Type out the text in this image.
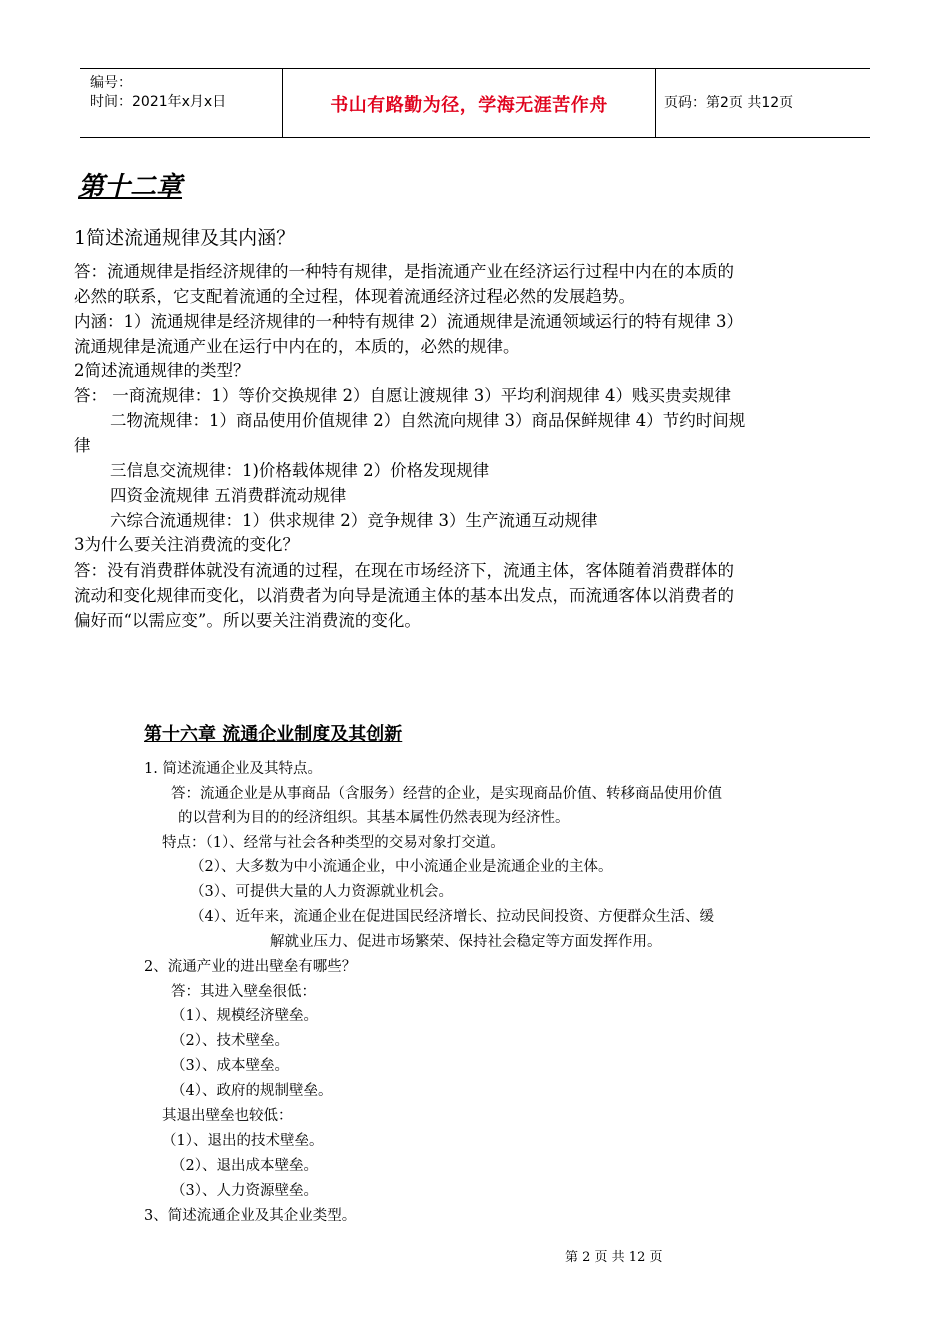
编号：
时间：2021年x月x日	书山有路勤为径，学海无涯苦作舟	页码：第2页 共12页
第十二章
1简述流通规律及其内涵？
答：流通规律是指经济规律的一种特有规律，是指流通产业在经济运行过程中内在的本质的
必然的联系，它支配着流通的全过程，体现着流通经济过程必然的发展趋势。
内涵：1）流通规律是经济规律的一种特有规律 2）流通规律是流通领域运行的特有规律 3）
流通规律是流通产业在运行中内在的，本质的，必然的规律。
2简述流通规律的类型？
答： 一商流规律：1）等价交换规律 2）自愿让渡规律 3）平均利润规律 4）贱买贵卖规律
二物流规律：1）商品使用价值规律 2）自然流向规律 3）商品保鲜规律 4）节约时间规
律
三信息交流规律：1)价格载体规律 2）价格发现规律
四资金流规律 五消费群流动规律
六综合流通规律：1）供求规律 2）竞争规律 3）生产流通互动规律
3为什么要关注消费流的变化？
答：没有消费群体就没有流通的过程，在现在市场经济下，流通主体，客体随着消费群体的
流动和变化规律而变化，以消费者为向导是流通主体的基本出发点，而流通客体以消费者的
偏好而“以需应变”。所以要关注消费流的变化。
第十六章 流通企业制度及其创新
1. 简述流通企业及其特点。
答：流通企业是从事商品（含服务）经营的企业，是实现商品价值、转移商品使用价值
的以营利为目的的经济组织。其基本属性仍然表现为经济性。
特点：（1）、经常与社会各种类型的交易对象打交道。
（2）、大多数为中小流通企业，中小流通企业是流通企业的主体。
（3）、可提供大量的人力资源就业机会。
（4）、近年来，流通企业在促进国民经济增长、拉动民间投资、方便群众生活、缓
解就业压力、促进市场繁荣、保持社会稳定等方面发挥作用。
2、流通产业的进出壁垒有哪些？
答：其进入壁垒很低：
（1）、规模经济壁垒。
（2）、技术壁垒。
（3）、成本壁垒。
（4）、政府的规制壁垒。
其退出壁垒也较低：
（1）、退出的技术壁垒。
（2）、退出成本壁垒。
（3）、人力资源壁垒。
3、简述流通企业及其企业类型。
第 2 页 共 12 页
